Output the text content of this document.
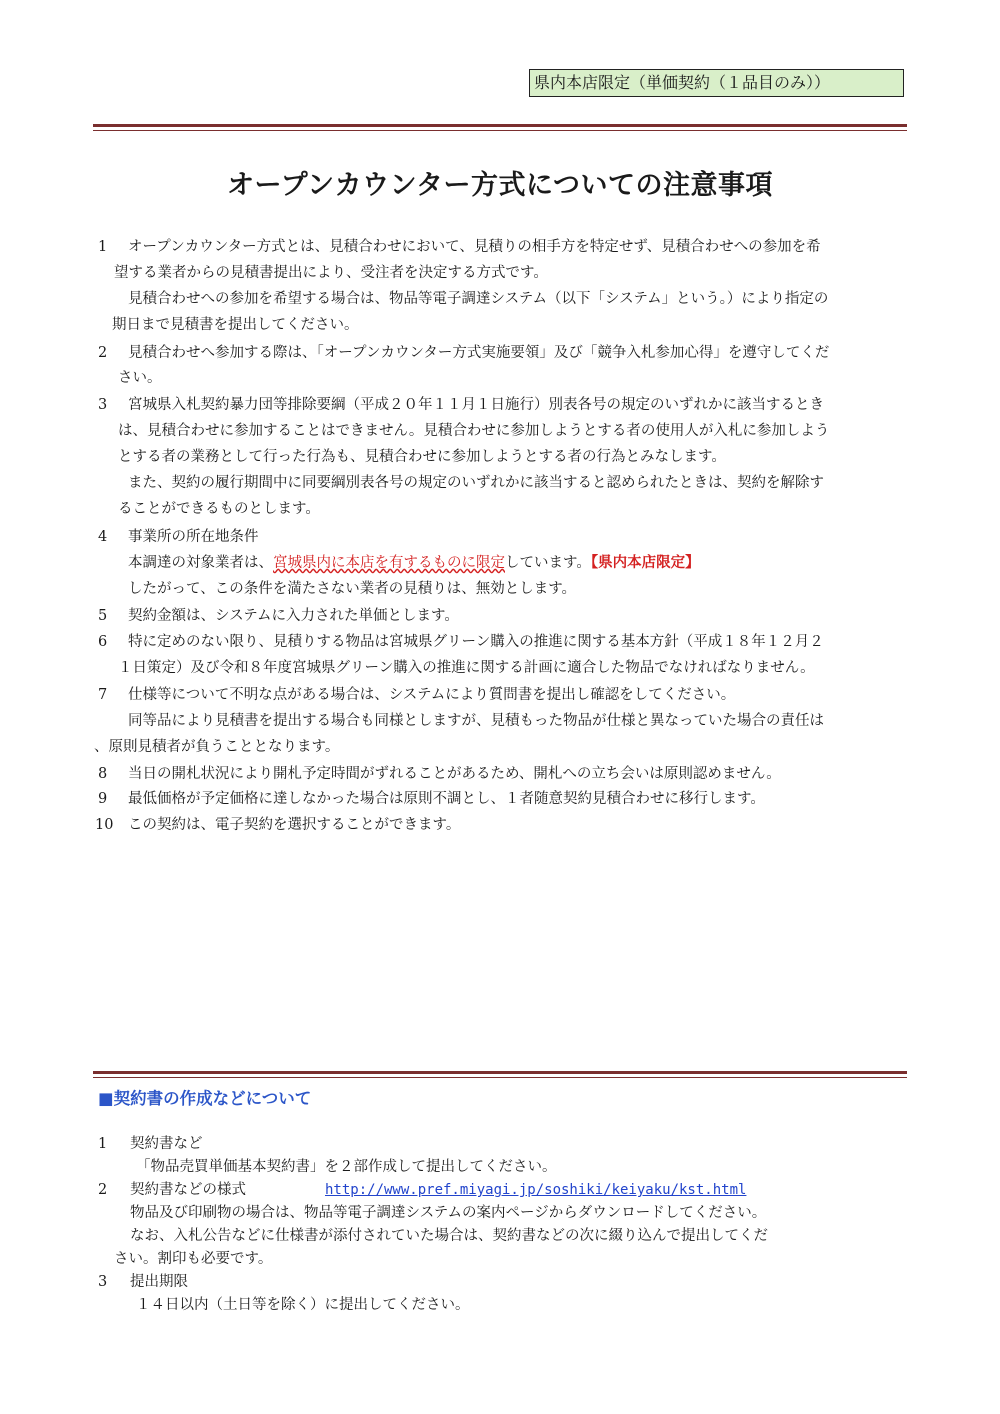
県内本店限定（単価契約（１品目のみ））
オープンカウンター方式についての注意事項
1 オープンカウンター方式とは、見積合わせにおいて、見積りの相手方を特定せず、見積合わせへの参加を希
望する業者からの見積書提出により、受注者を決定する方式です。
見積合わせへの参加を希望する場合は、物品等電子調達システム（以下「システム」という。）により指定の
期日まで見積書を提出してください。
2 見積合わせへ参加する際は、「オープンカウンター方式実施要領」及び「競争入札参加心得」を遵守してくだ
さい。
3 宮城県入札契約暴力団等排除要綱（平成２０年１１月１日施行）別表各号の規定のいずれかに該当するとき
は、見積合わせに参加することはできません。見積合わせに参加しようとする者の使用人が入札に参加しよう
とする者の業務として行った行為も、見積合わせに参加しようとする者の行為とみなします。
また、契約の履行期間中に同要綱別表各号の規定のいずれかに該当すると認められたときは、契約を解除す
ることができるものとします。
4 事業所の所在地条件
本調達の対象業者は、宮城県内に本店を有するものに限定しています。【県内本店限定】
したがって、この条件を満たさない業者の見積りは、無効とします。
5 契約金額は、システムに入力された単価とします。
6 特に定めのない限り、見積りする物品は宮城県グリーン購入の推進に関する基本方針（平成１８年１２月２
１日策定）及び令和８年度宮城県グリーン購入の推進に関する計画に適合した物品でなければなりません。
7 仕様等について不明な点がある場合は、システムにより質問書を提出し確認をしてください。
同等品により見積書を提出する場合も同様としますが、見積もった物品が仕様と異なっていた場合の責任は
、原則見積者が負うこととなります。
8 当日の開札状況により開札予定時間がずれることがあるため、開札への立ち会いは原則認めません。
9 最低価格が予定価格に達しなかった場合は原則不調とし、１者随意契約見積合わせに移行します。
10 この契約は、電子契約を選択することができます。
■契約書の作成などについて
1 契約書など
「物品売買単価基本契約書」を２部作成して提出してください。
2 契約書などの様式	http://www.pref.miyagi.jp/soshiki/keiyaku/kst.html
物品及び印刷物の場合は、物品等電子調達システムの案内ページからダウンロードしてください。
なお、入札公告などに仕様書が添付されていた場合は、契約書などの次に綴り込んで提出してくだ
さい。割印も必要です。
3 提出期限
１４日以内（土日等を除く）に提出してください。
